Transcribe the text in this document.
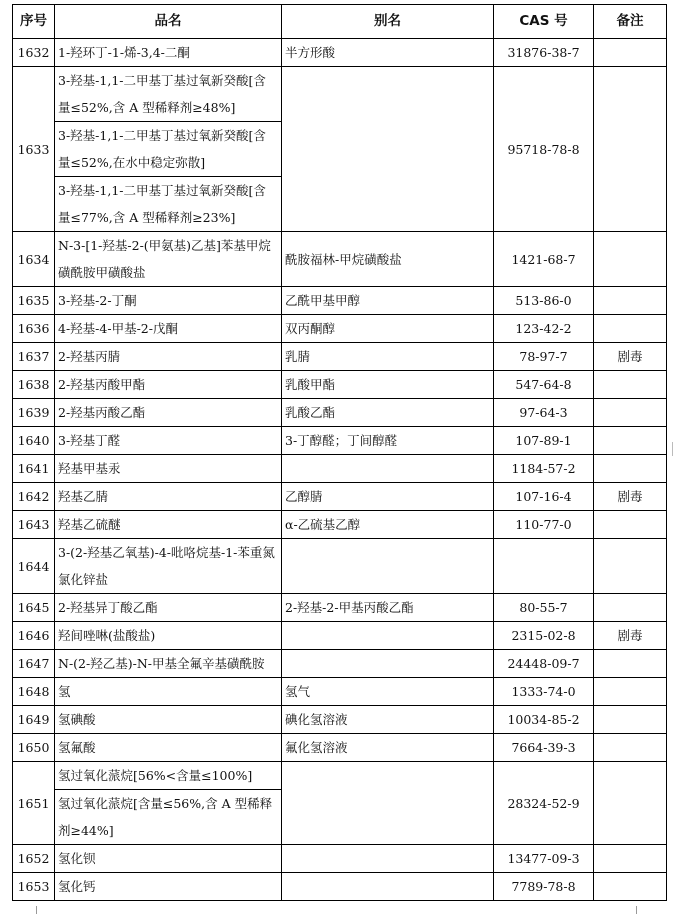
序号	品名	别名	CAS 号	备注
1632	1-羟环丁-1-烯-3,4-二酮	半方形酸	31876-38-7	
1633	3-羟基-1,1-二甲基丁基过氧新癸酸[含量≤52%,含 A 型稀释剂≥48%]		95718-78-8	
	3-羟基-1,1-二甲基丁基过氧新癸酸[含量≤52%,在水中稳定弥散]			
	3-羟基-1,1-二甲基丁基过氧新癸酸[含量≤77%,含 A 型稀释剂≥23%]			
1634	N-3-[1-羟基-2-(甲氨基)乙基]苯基甲烷磺酰胺甲磺酸盐	酰胺福林-甲烷磺酸盐	1421-68-7	
1635	3-羟基-2-丁酮	乙酰甲基甲醇	513-86-0	
1636	4-羟基-4-甲基-2-戊酮	双丙酮醇	123-42-2	
1637	2-羟基丙腈	乳腈	78-97-7	剧毒
1638	2-羟基丙酸甲酯	乳酸甲酯	547-64-8	
1639	2-羟基丙酸乙酯	乳酸乙酯	97-64-3	
1640	3-羟基丁醛	3-丁醇醛；丁间醇醛	107-89-1	
1641	羟基甲基汞		1184-57-2	
1642	羟基乙腈	乙醇腈	107-16-4	剧毒
1643	羟基乙硫醚	α-乙硫基乙醇	110-77-0	
1644	3-(2-羟基乙氧基)-4-吡咯烷基-1-苯重氮氯化锌盐			
1645	2-羟基异丁酸乙酯	2-羟基-2-甲基丙酸乙酯	80-55-7	
1646	羟间唑啉(盐酸盐)		2315-02-8	剧毒
1647	N-(2-羟乙基)-N-甲基全氟辛基磺酰胺		24448-09-7	
1648	氢	氢气	1333-74-0	
1649	氢碘酸	碘化氢溶液	10034-85-2	
1650	氢氟酸	氟化氢溶液	7664-39-3	
1651	氢过氧化蒎烷[56%<含量≤100%]		28324-52-9	
	氢过氧化蒎烷[含量≤56%,含 A 型稀释剂≥44%]			
1652	氢化钡		13477-09-3	
1653	氢化钙		7789-78-8	
